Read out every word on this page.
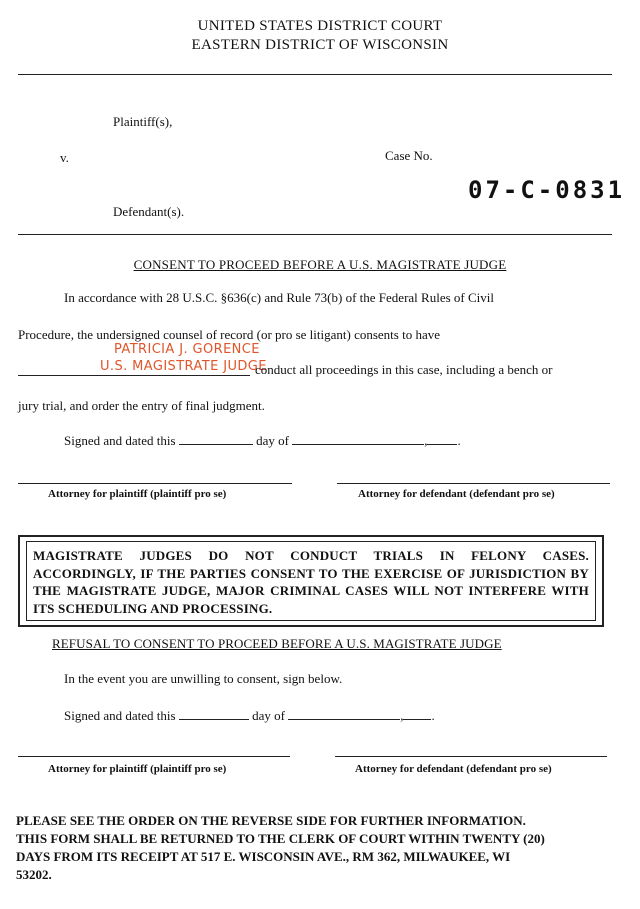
UNITED STATES DISTRICT COURT
EASTERN DISTRICT OF WISCONSIN
Plaintiff(s),
v.	Case No.
07-C-0831
Defendant(s).
CONSENT TO PROCEED BEFORE A U.S. MAGISTRATE JUDGE
In accordance with 28 U.S.C. §636(c) and Rule 73(b) of the Federal Rules of Civil
Procedure, the undersigned counsel of record (or pro se litigant) consents to have
PATRICIA J. GORENCE
U.S. MAGISTRATE JUDGE
conduct all proceedings in this case, including a bench or
jury trial, and order the entry of final judgment.
Signed and dated this	day of	, .
Attorney for plaintiff (plaintiff pro se)	Attorney for defendant (defendant pro se)
MAGISTRATE JUDGES DO NOT CONDUCT TRIALS IN FELONY CASES. ACCORDINGLY, IF THE PARTIES CONSENT TO THE EXERCISE OF JURISDICTION BY THE MAGISTRATE JUDGE, MAJOR CRIMINAL CASES WILL NOT INTERFERE WITH ITS SCHEDULING AND PROCESSING.
REFUSAL TO CONSENT TO PROCEED BEFORE A U.S. MAGISTRATE JUDGE
In the event you are unwilling to consent, sign below.
Signed and dated this	day of	, .
Attorney for plaintiff (plaintiff pro se)	Attorney for defendant (defendant pro se)
PLEASE SEE THE ORDER ON THE REVERSE SIDE FOR FURTHER INFORMATION.
THIS FORM SHALL BE RETURNED TO THE CLERK OF COURT WITHIN TWENTY (20)
DAYS FROM ITS RECEIPT AT 517 E. WISCONSIN AVE., RM 362, MILWAUKEE, WI
53202.
